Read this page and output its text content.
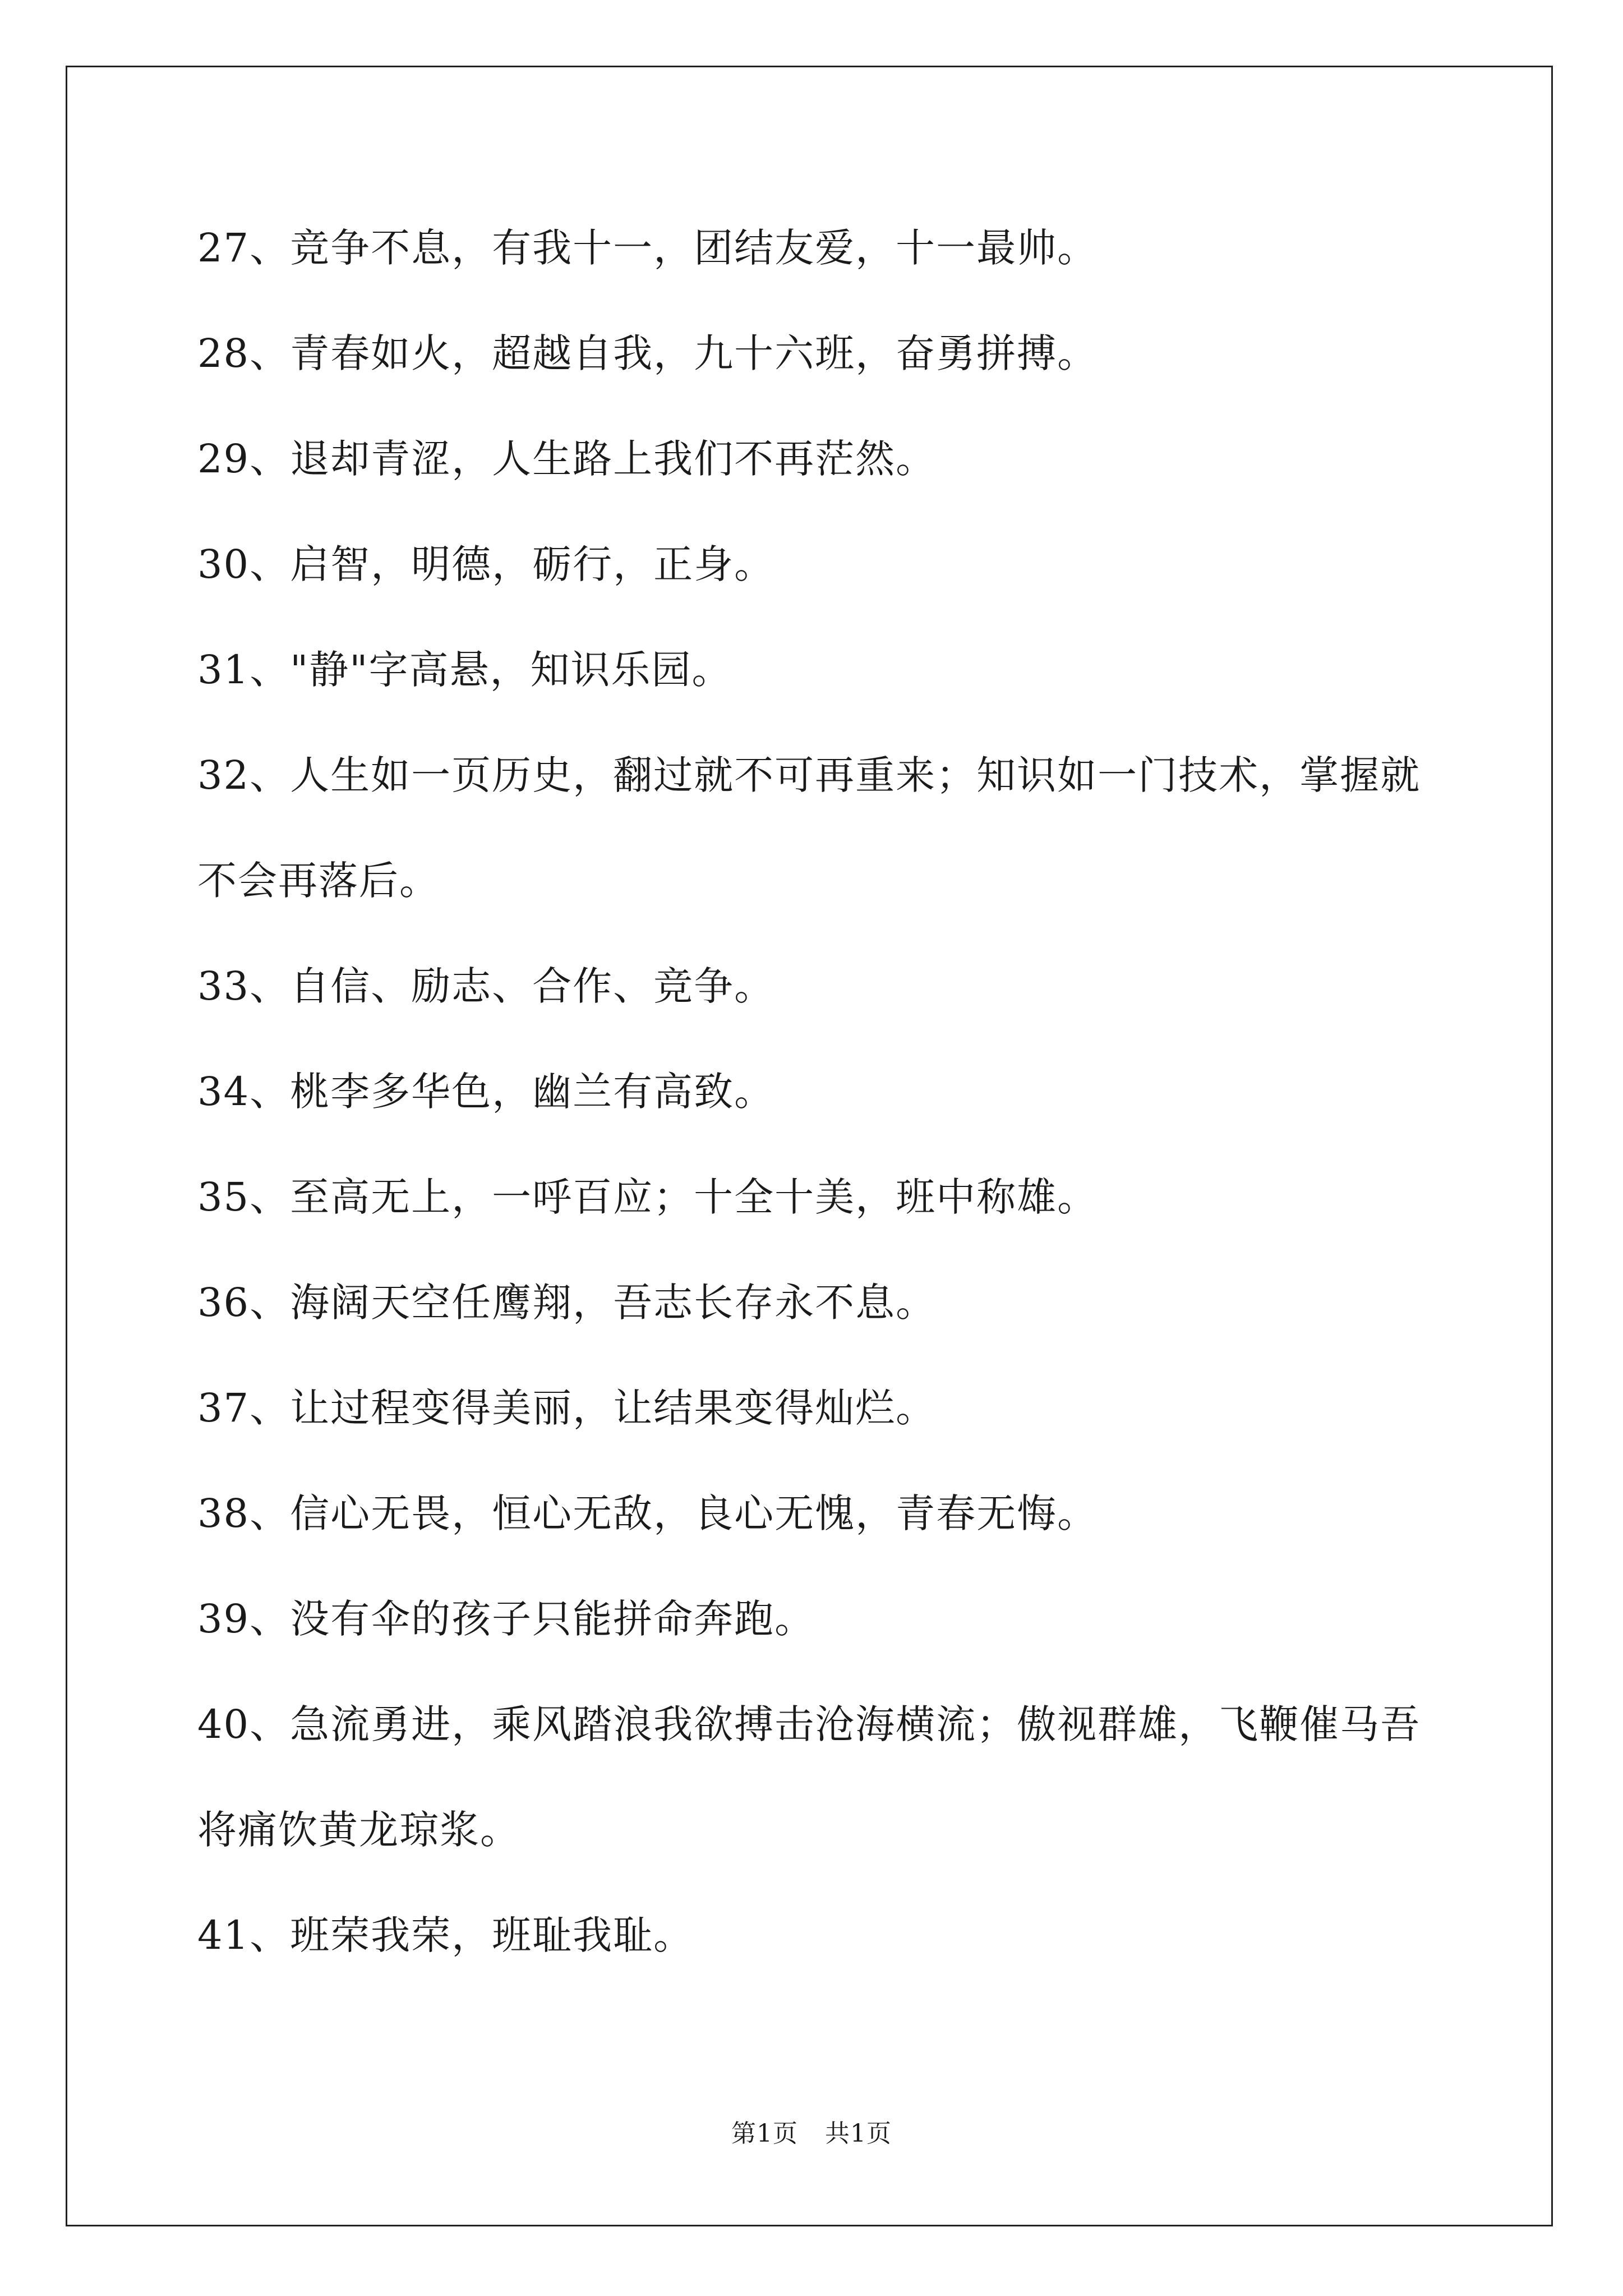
27、竞争不息，有我十一，团结友爱，十一最帅。
28、青春如火，超越自我，九十六班，奋勇拼搏。
29、退却青涩，人生路上我们不再茫然。
30、启智，明德，砺行，正身。
31、"静"字高悬，知识乐园。
32、人生如一页历史，翻过就不可再重来；知识如一门技术，掌握就
不会再落后。
33、自信、励志、合作、竞争。
34、桃李多华色，幽兰有高致。
35、至高无上，一呼百应；十全十美，班中称雄。
36、海阔天空任鹰翔，吾志长存永不息。
37、让过程变得美丽，让结果变得灿烂。
38、信心无畏，恒心无敌，良心无愧，青春无悔。
39、没有伞的孩子只能拼命奔跑。
40、急流勇进，乘风踏浪我欲搏击沧海横流；傲视群雄，飞鞭催马吾
将痛饮黄龙琼浆。
41、班荣我荣，班耻我耻。
第1页 共1页
